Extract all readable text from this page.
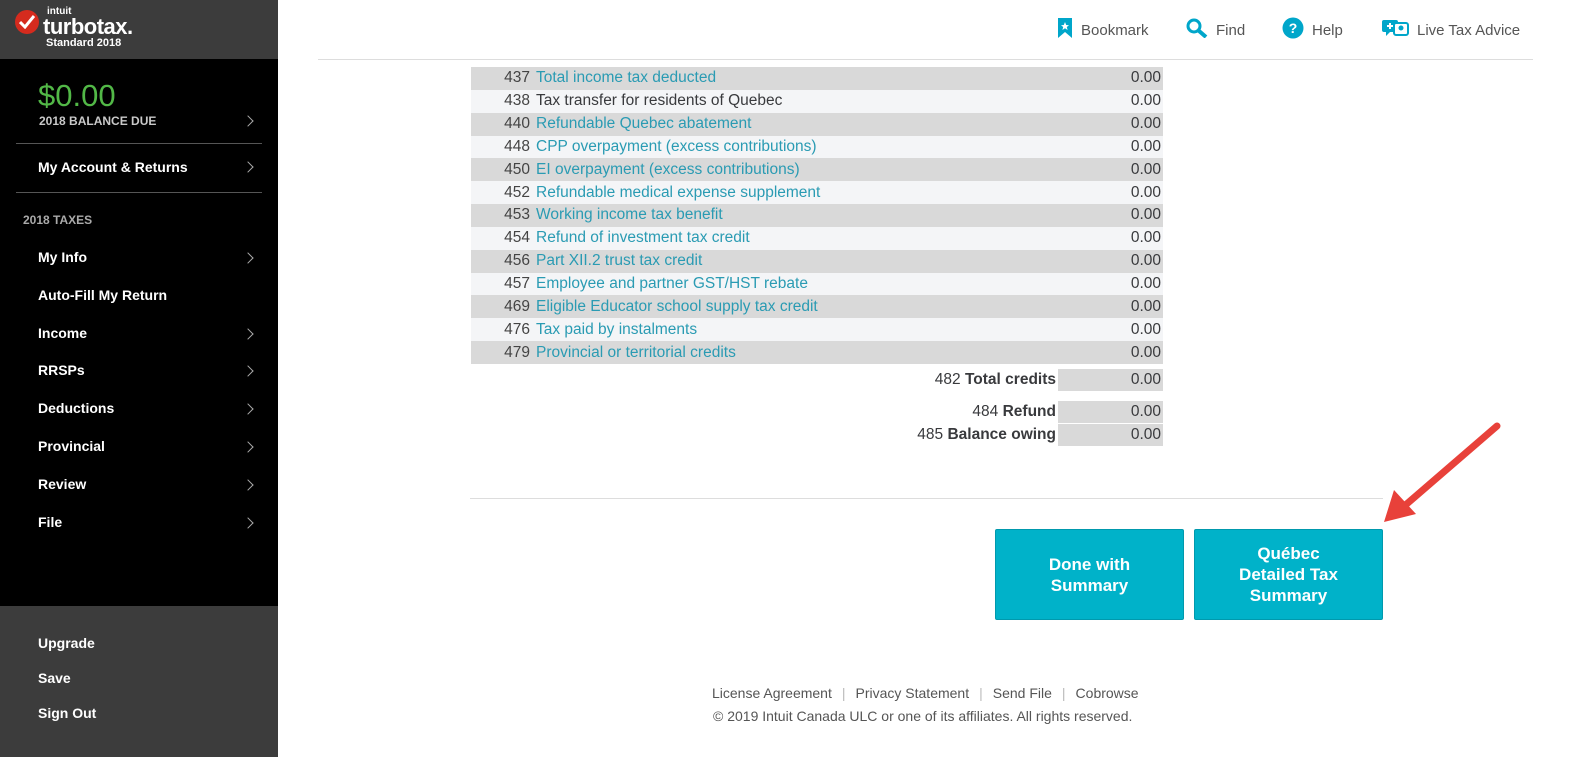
intuit
turbotax.
Standard 2018
$0.00
2018 BALANCE DUE
My Account & Returns
2018 TAXES
My Info
Auto-Fill My Return
Income
RRSPs
Deductions
Provincial
Review
File
Upgrade
Save
Sign Out
Bookmark	Find	? Help	Live Tax Advice
437 Total income tax deducted	0.00
438 Tax transfer for residents of Quebec	0.00
440 Refundable Quebec abatement	0.00
448 CPP overpayment (excess contributions)	0.00
450 EI overpayment (excess contributions)	0.00
452 Refundable medical expense supplement	0.00
453 Working income tax benefit	0.00
454 Refund of investment tax credit	0.00
456 Part XII.2 trust tax credit	0.00
457 Employee and partner GST/HST rebate	0.00
469 Eligible Educator school supply tax credit	0.00
476 Tax paid by instalments	0.00
479 Provincial or territorial credits	0.00
482 Total credits	0.00
484 Refund	0.00
485 Balance owing	0.00
Done with
Summary
Québec
Detailed Tax
Summary
License Agreement | Privacy Statement | Send File | Cobrowse
© 2019 Intuit Canada ULC or one of its affiliates. All rights reserved.
